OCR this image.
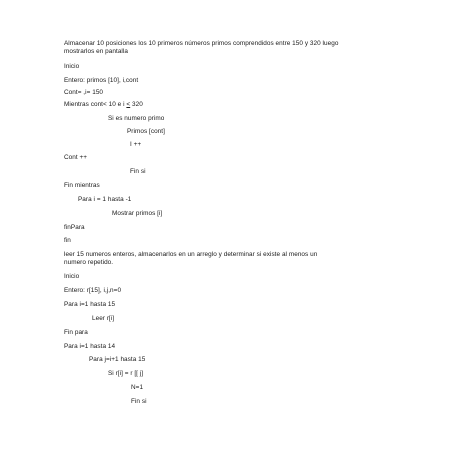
Almacenar 10 posiciones los 10 primeros números primos comprendidos entre 150 y 320 luego
mostrarlos en pantalla
Inicio
Entero: primos [10], i,cont
Cont= ,i= 150
Mientras cont< 10 e i < 320
Si es numero primo
Primos [cont]
I ++
Cont ++
Fin si
Fin mientras
Para i = 1 hasta -1
Mostrar primos [i]
finPara
fin
leer 15 numeros enteros, almacenarlos en un arreglo y determinar si existe al menos un
numero repetido.
Inicio
Entero: r[15], i,j,n=0
Para i=1 hasta 15
Leer r[i]
Fin para
Para i=1 hasta 14
Para j=i+1 hasta 15
Si r[i] = r [[ j]
N=1
Fin si
